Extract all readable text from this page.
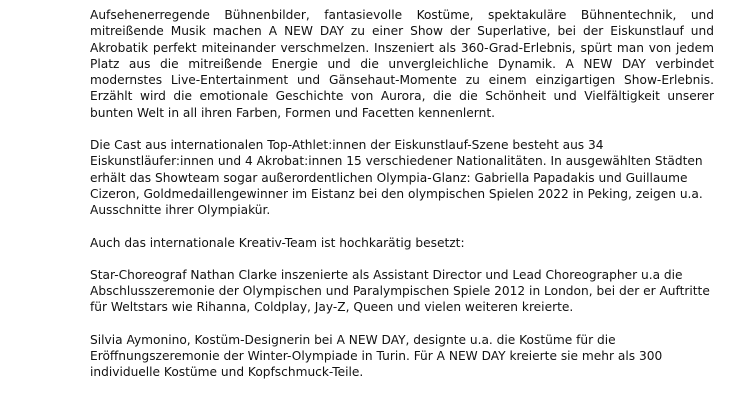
Aufsehenerregende Bühnenbilder, fantasievolle Kostüme, spektakuläre Bühnentechnik, und mitreißende Musik machen A NEW DAY zu einer Show der Superlative, bei der Eiskunstlauf und Akrobatik perfekt miteinander verschmelzen. Inszeniert als 360-Grad-Erlebnis, spürt man von jedem Platz aus die mitreißende Energie und die unvergleichliche Dynamik. A NEW DAY verbindet modernstes Live-Entertainment und Gänsehaut-Momente zu einem einzigartigen Show-Erlebnis. Erzählt wird die emotionale Geschichte von Aurora, die die Schönheit und Vielfältigkeit unserer bunten Welt in all ihren Farben, Formen und Facetten kennenlernt.

Die Cast aus internationalen Top-Athlet:innen der Eiskunstlauf-Szene besteht aus 34 Eiskunstläufer:innen und 4 Akrobat:innen 15 verschiedener Nationalitäten. In ausgewählten Städten erhält das Showteam sogar außerordentlichen Olympia-Glanz: Gabriella Papadakis und Guillaume Cizeron, Goldmedaillengewinner im Eistanz bei den olympischen Spielen 2022 in Peking, zeigen u.a. Ausschnitte ihrer Olympiakür.

Auch das internationale Kreativ-Team ist hochkarätig besetzt:

Star-Choreograf Nathan Clarke inszenierte als Assistant Director und Lead Choreographer u.a die Abschlusszeremonie der Olympischen und Paralympischen Spiele 2012 in London, bei der er Auftritte für Weltstars wie Rihanna, Coldplay, Jay-Z, Queen und vielen weiteren kreierte.

Silvia Aymonino, Kostüm-Designerin bei A NEW DAY, designte u.a. die Kostüme für die Eröffnungszeremonie der Winter-Olympiade in Turin. Für A NEW DAY kreierte sie mehr als 300 individuelle Kostüme und Kopfschmuck-Teile.
